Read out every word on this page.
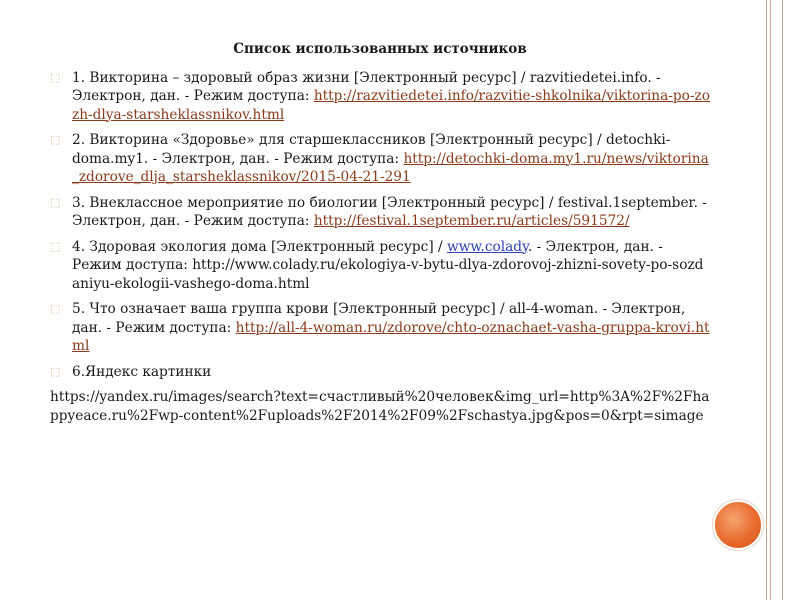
Список использованных источников
⬚ 1. Викторина – здоровый образ жизни [Электронный ресурс] / razvitiedetei.info. - Электрон, дан. - Режим доступа: http://razvitiedetei.info/razvitie-shkolnika/viktorina-po-zozh-dlya-starsheklassnikov.html
⬚ 2. Викторина «Здоровье» для старшеклассников [Электронный ресурс] / detochki-doma.my1. - Электрон, дан. - Режим доступа: http://detochki-doma.my1.ru/news/viktorina_zdorove_dlja_starsheklassnikov/2015-04-21-291
⬚ 3. Внеклассное мероприятие по биологии [Электронный ресурс] / festival.1september. - Электрон, дан. - Режим доступа: http://festival.1september.ru/articles/591572/
⬚ 4. Здоровая экология дома [Электронный ресурс] / www.colady. - Электрон, дан. - Режим доступа: http://www.colady.ru/ekologiya-v-bytu-dlya-zdorovoj-zhizni-sovety-po-sozdaniyu-ekologii-vashego-doma.html
⬚ 5. Что означает ваша группа крови [Электронный ресурс] / all-4-woman. - Электрон, дан. - Режим доступа: http://all-4-woman.ru/zdorove/chto-oznachaet-vasha-gruppa-krovi.html
⬚ 6.Яндекс картинки
https://yandex.ru/images/search?text=счастливый%20человек&img_url=http%3A%2F%2Fhappyeace.ru%2Fwp-content%2Fuploads%2F2014%2F09%2Fschastya.jpg&pos=0&rpt=simage
